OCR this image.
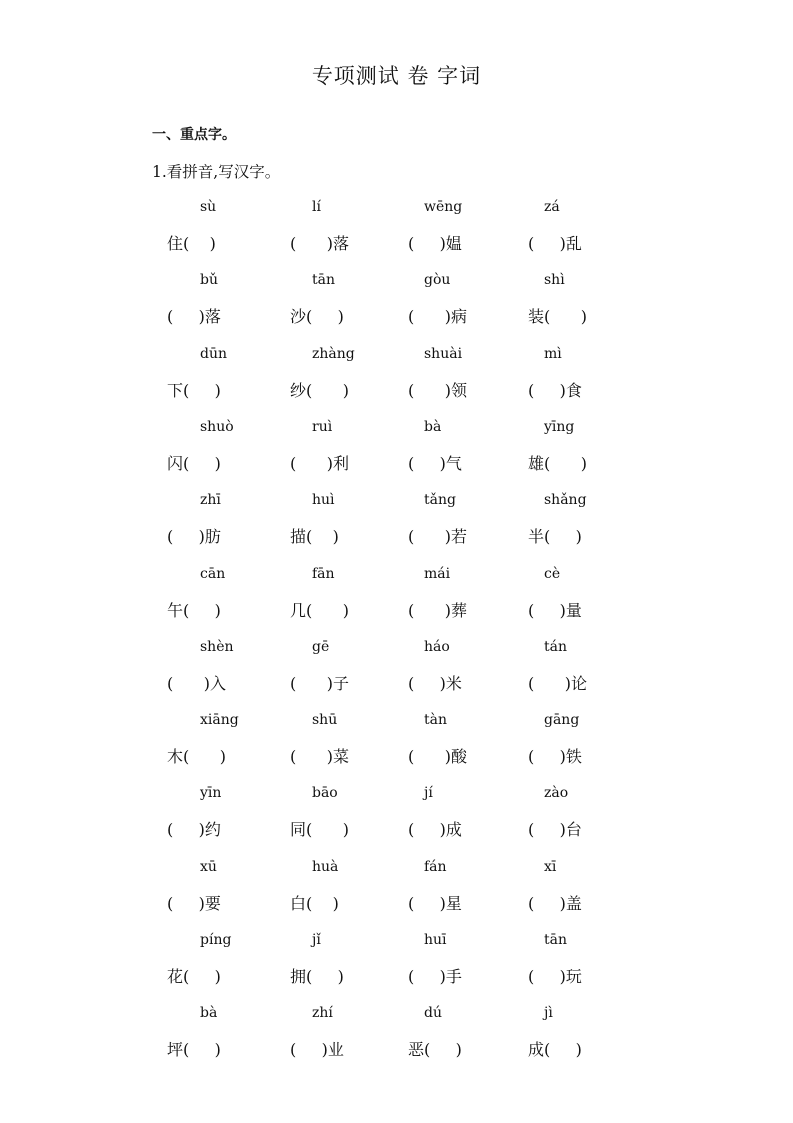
专项测试 卷 字词
一、重点字。
1.看拼音,写汉字。
sù	lí	wēng	zá
住(    )	(      )落	(     )媪	(     )乱
bǔ	tān	gòu	shì
(     )落	沙(     )	(      )病	装(      )
dūn	zhàng	shuài	mì
下(     )	纱(      )	(      )领	(     )食
shuò	ruì	bà	yīng
闪(     )	(      )利	(     )气	雄(      )
zhī	huì	tǎng	shǎng
(     )肪	描(    )	(      )若	半(     )
cān	fān	mái	cè
午(     )	几(      )	(      )葬	(     )量
shèn	gē	háo	tán
(      )入	(      )子	(     )米	(      )论
xiāng	shū	tàn	gāng
木(      )	(      )菜	(      )酸	(     )铁
yīn	bāo	jí	zào
(     )约	同(      )	(     )成	(     )台
xū	huà	fán	xī
(     )要	白(    )	(     )星	(     )盖
píng	jǐ	huī	tān
花(     )	拥(     )	(     )手	(     )玩
bà	zhí	dú	jì
坪(     )	(     )业	恶(     )	成(     )
